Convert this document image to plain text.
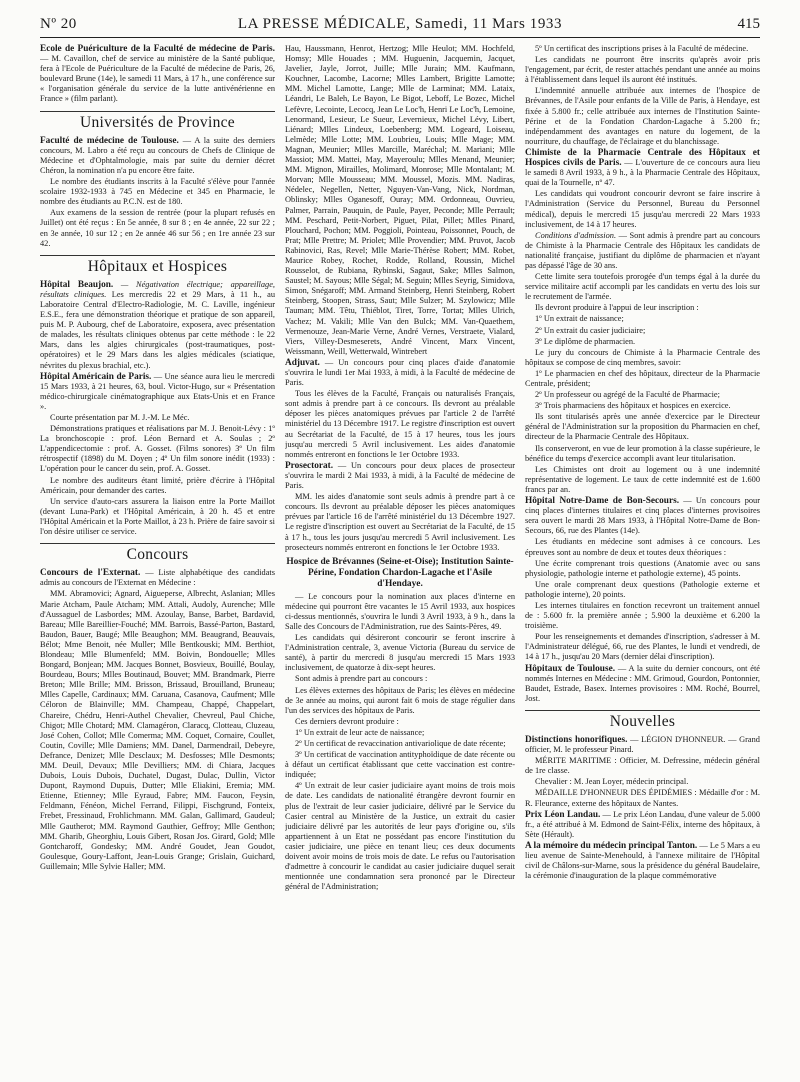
Nº 20	LA PRESSE MÉDICALE, Samedi, 11 Mars 1933	415

Ecole de Puériculture de la Faculté de médecine de Paris. — M. Cavaillon, chef de service au ministère de la Santé publique, fera à l'Ecole de Puériculture de la Faculté de médecine de Paris, 26, boulevard Brune (14e), le samedi 11 Mars, à 17 h., une conférence sur « l'organisation générale du service de la lutte antivénérienne en France » (film parlant).

Universités de Province

Faculté de médecine de Toulouse. — A la suite des derniers concours, M. Labro a été reçu au concours de Chefs de Clinique de Médecine et d'Ophtalmologie, mais par suite du dernier décret Chéron, la nomination n'a pu encore être faite.

Le nombre des étudiants inscrits à la Faculté s'élève pour l'année scolaire 1932-1933 à 745 en Médecine et 345 en Pharmacie, le nombre des étudiants au P.C.N. est de 180.

Aux examens de la session de rentrée (pour la plupart refusés en Juillet) ont été reçus : En 5e année, 8 sur 8 ; en 4e année, 22 sur 22 ; en 3e année, 10 sur 12 ; en 2e année 46 sur 56 ; en 1re année 23 sur 42.

Hôpitaux et Hospices

Hôpital Beaujon. — Négativation électrique; appareillage, résultats cliniques. Les mercredis 22 et 29 Mars, à 11 h., au Laboratoire Central d'Electro-Radiologie, M. C. Laville, ingénieur E.S.E., fera une démonstration théorique et pratique de son appareil, puis M. P. Aubourg, chef de Laboratoire, exposera, avec présentation de malades, les résultats cliniques obtenus par cette méthode : le 22 Mars, dans les algies chirurgicales (post-traumatiques, post-opératoires) et le 29 Mars dans les algies médicales (sciatique, névrites du plexus brachial, etc.).

Hôpital Américain de Paris. — Une séance aura lieu le mercredi 15 Mars 1933, à 21 heures, 63, boul. Victor-Hugo, sur « Présentation médico-chirurgicale cinématographique aux Etats-Unis et en France ».

Courte présentation par M. J.-M. Le Méc.

Démonstrations pratiques et réalisations par M. J. Benoit-Lévy : 1º La bronchoscopie : prof. Léon Bernard et A. Soulas ; 2º L'appendicectomie : prof. A. Gosset. (Films sonores) 3º Un film rétrospectif (1898) du M. Doyen ; 4º Un film sonore inédit (1933) : L'opération pour le cancer du sein, prof. A. Gosset.

Le nombre des auditeurs étant limité, prière d'écrire à l'Hôpital Américain, pour demander des cartes.

Un service d'auto-cars assurera la liaison entre la Porte Maillot (devant Luna-Park) et l'Hôpital Américain, à 20 h. 45 et entre l'Hôpital Américain et la Porte Maillot, à 23 h. Prière de faire savoir si l'on désire utiliser ce service.

Concours

Concours de l'Externat. — Liste alphabétique des candidats admis au concours de l'Externat en Médecine :

MM. Abramovici; Agnard, Aigueperse, Albrecht, Aslanian; Mlles Marie Atcham, Paule Atcham; MM. Attali, Audoly, Aurenche; Mlle d'Aussaguel de Lasbordes; MM. Azoulay, Banse, Barbet, Bardavid, Bareau; Mlle Bareillier-Fouché; MM. Barrois, Bassé-Parton, Bastard, Baudon, Bauer, Baugé; Mlle Beaughon; MM. Beaugrand, Beauvais, Bélot; Mme Benoit, née Muller; Mlle Bentkouski; MM. Berthiot, Blondeau; Mlle Blumenfeld; MM. Boivin, Bondouelle; Mlles Bongard, Bonjean; MM. Jacques Bonnet, Bosvieux, Bouillé, Boulay, Bourdeau, Bours; Mlles Boutinaud, Bouvet; MM. Brandmark, Pierre Breton; Mlle Brille; MM. Brisson, Brissaud, Brouilland, Bruneau; Mlles Capelle, Cardinaux; MM. Caruana, Casanova, Caufment; Mlle Céloron de Blainville; MM. Champeau, Chappé, Chappelart, Chareire, Chédru, Henri-Authel Chevalier, Chevreul, Paul Chiche, Chigot; Mlle Chotard; MM. Clamagéron, Claracq, Clotteau, Cluzeau, José Cohen, Collot; Mlle Comerma; MM. Coquet, Cornaire, Coullet, Coutin, Coville; Mlle Damiens; MM. Danel, Darmendrail, Debeyre, Defrance, Denizet; Mlle Desclaux; M. Desfosses; Mlle Desmonts; MM. Deuil, Devaux; Mlle Devilliers; MM. di Chiara, Jacques Dubois, Louis Dubois, Duchatel, Dugast, Dulac, Dullin, Victor Dupont, Raymond Dupuis, Dutter; Mlle Eliakini, Eremia; MM. Etienne, Etienney; Mlle Eyraud, Fabre; MM. Faucon, Feysin, Feldmann, Fénéon, Michel Ferrand, Filippi, Fischgrund, Fonteix, Frebet, Fressinaud, Frohlichmann. MM. Galan, Gallimard, Gaudeul; Mlle Gautherot; MM. Raymond Gauthier, Geffroy; Mlle Genthon; MM. Gharib, Gheorghiu, Louis Gibert, Rosan Jos. Girard, Gold; Mlle Gontcharoff, Gondesky; MM. André Goudet, Jean Goudot, Goulesque, Goury-Laffont, Jean-Louis Grange; Grislain, Guichard, Guillemain; Mlle Sylvie Haller; MM.

Hau, Haussmann, Henrot, Hertzog; Mlle Heulot; MM. Hochfeld, Homsy; Mlle Houades ; MM. Huguenin, Jacquemin, Jacquet, Javelier, Jayle, Jorrot, Juille; Mlle Jurain; MM. Kaufmann, Kouchner, Lacombe, Lacorne; Mlles Lambert, Brigitte Lamotte; MM. Michel Lamotte, Lange; Mlle de Larminat; MM. Lataix, Léandri, Le Baleh, Le Bayon, Le Bigot, Leboff, Le Bozec, Michel Lefèvre, Lecointe, Lecocq, Jean Le Loc'h, Henri Le Loc'h, Lemoine, Lenormand, Lesieur, Le Sueur, Levernieux, Michel Lévy, Libert, Liénard; Mlles Lindeux, Loebenberg; MM. Logeard, Loiseau, Lelmède; Mlle Lotte; MM. Loubrieu, Louis; Mlle Mage; MM. Magnan, Meunier; Mlles Marcille, Maréchal; M. Mariani; Mlle Massiot; MM. Mattei, May, Mayeroulu; Mlles Menand, Meunier; MM. Mignon, Mirailles, Molimard, Monrose; Mlle Montalant; M. Morvan; Mlle Mousseau; MM. Moussel, Mozis. MM. Nadiras, Nédelec, Negellen, Netter, Nguyen-Van-Vang, Nick, Nordman, Oblinsky; Mlles Oganesoff, Ouray; MM. Ordonneau, Ouvrieu, Palmer, Parrain, Pauquin, de Paule, Payer, Peconde; Mlle Perrault; MM. Peschard, Petit-Norbert, Piguet, Pilat, Pillet; Mlles Pinard, Plouchard, Pochon; MM. Poggioli, Pointeau, Poissonnet, Pouch, de Prat; Mlle Prettre; M. Priolet; Mlle Provendier; MM. Pruvot, Jacob Rabinovici, Ras, Revel; Mlle Marie-Thérèse Robert; MM. Robet, Maurice Robey, Rochet, Rodde, Rolland, Roussin, Michel Rousselot, de Rubiana, Rybinski, Sagaut, Sake; Mlles Salmon, Saustel; M. Sayous; Mlle Ségal; M. Seguin; Mlles Seyrig, Simidova, Simon, Snégaroff; MM. Armand Steinberg, Henri Steinberg, Robert Steinberg, Stoopen, Strass, Saut; Mlle Sulzer; M. Szylowicz; Mlle Tauman; MM. Têtu, Thiéblot, Tiret, Torre, Tortat; Mlles Ulrich, Vachez; M. Vakili; Mlle Van den Bulck; MM. Van-Quaethem, Vermenouze, Jean-Marie Verne, André Vernes, Verstraete, Vialard, Viers, Villey-Desmeserets, André Vincent, Marx Vincent, Weissmann, Weill, Wetterwald, Wintrebert

Adjuvat. — Un concours pour cinq places d'aide d'anatomie s'ouvrira le lundi 1er Mai 1933, à midi, à la Faculté de médecine de Paris.

Tous les élèves de la Faculté, Français ou naturalisés Français, sont admis à prendre part à ce concours. Ils devront au préalable déposer les pièces anatomiques prévues par l'article 2 de l'arrêté ministériel du 13 Décembre 1917. Le registre d'inscription est ouvert au Secrétariat de la Faculté, de 15 à 17 heures, tous les jours jusqu'au mercredi 5 Avril inclusivement. Les aides d'anatomie nommés entreront en fonctions le 1er Octobre 1933.

Prosectorat. — Un concours pour deux places de prosecteur s'ouvrira le mardi 2 Mai 1933, à midi, à la Faculté de médecine de Paris.

MM. les aides d'anatomie sont seuls admis à prendre part à ce concours. Ils devront au préalable déposer les pièces anatomiques prévues par l'article 16 de l'arrêté ministériel du 13 Décembre 1927. Le registre d'inscription est ouvert au Secrétariat de la Faculté, de 15 à 17 h., tous les jours jusqu'au mercredi 5 Avril inclusivement. Les prosecteurs nommés entreront en fonctions le 1er Octobre 1933.

Hospice de Brévannes (Seine-et-Oise); Institution Sainte-Périne, Fondation Chardon-Lagache et l'Asile d'Hendaye.

— Le concours pour la nomination aux places d'interne en médecine qui pourront être vacantes le 15 Avril 1933, aux hospices ci-dessus mentionnés, s'ouvrira le lundi 3 Avril 1933, à 9 h., dans la Salle des Concours de l'Administration, rue des Saints-Pères, 49.

Les candidats qui désireront concourir se feront inscrire à l'Administration centrale, 3, avenue Victoria (Bureau du service de santé), à partir du mercredi 8 jusqu'au mercredi 15 Mars 1933 inclusivement, de quatorze à dix-sept heures.

Sont admis à prendre part au concours :

Les élèves externes des hôpitaux de Paris; les élèves en médecine de 3e année au moins, qui auront fait 6 mois de stage régulier dans l'un des services des hôpitaux de Paris.

Ces derniers devront produire :

1º Un extrait de leur acte de naissance;

2º Un certificat de revaccination antivariolique de date récente;

3º Un certificat de vaccination antityphoïdique de date récente ou à défaut un certificat établissant que cette vaccination est contre-indiquée;

4º Un extrait de leur casier judiciaire ayant moins de trois mois de date. Les candidats de nationalité étrangère devront fournir en plus de l'extrait de leur casier judiciaire, délivré par le Service du Casier central au Ministère de la Justice, un extrait du casier judiciaire délivré par les autorités de leur pays d'origine ou, s'ils appartiennent à un Etat ne possédant pas encore l'institution du casier judiciaire, une pièce en tenant lieu; ces deux documents doivent avoir moins de trois mois de date. Le refus ou l'autorisation d'admettre à concourir le candidat au casier judiciaire duquel serait mentionnée une condamnation sera prononcé par le Directeur général de l'Administration;

5º Un certificat des inscriptions prises à la Faculté de médecine.

Les candidats ne pourront être inscrits qu'après avoir pris l'engagement, par écrit, de rester attachés pendant une année au moins à l'établissement dans lequel ils auront été institués.

L'indemnité annuelle attribuée aux internes de l'hospice de Brévannes, de l'Asile pour enfants de la Ville de Paris, à Hendaye, est fixée à 5.800 fr.; celle attribuée aux internes de l'Institution Sainte-Périne et de la Fondation Chardon-Lagache à 5.200 fr.; indépendamment des avantages en nature du logement, de la nourriture, du chauffage, de l'éclairage et du blanchissage.

Chimiste de la Pharmacie Centrale des Hôpitaux et Hospices civils de Paris. — L'ouverture de ce concours aura lieu le samedi 8 Avril 1933, à 9 h., à la Pharmacie Centrale des Hôpitaux, quai de la Tournelle, nº 47.

Les candidats qui voudront concourir devront se faire inscrire à l'Administration (Service du Personnel, Bureau du Personnel médical), depuis le mercredi 15 jusqu'au mercredi 22 Mars 1933 inclusivement, de 14 à 17 heures.

Conditions d'admission. — Sont admis à prendre part au concours de Chimiste à la Pharmacie Centrale des Hôpitaux les candidats de nationalité française, justifiant du diplôme de pharmacien et n'ayant pas dépassé l'âge de 30 ans.

Cette limite sera toutefois prorogée d'un temps égal à la durée du service militaire actif accompli par les candidats en vertu des lois sur le recrutement de l'armée.

Ils devront produire à l'appui de leur inscription :

1º Un extrait de naissance;

2º Un extrait du casier judiciaire;

3º Le diplôme de pharmacien.

Le jury du concours de Chimiste à la Pharmacie Centrale des hôpitaux se compose de cinq membres, savoir:

1º Le pharmacien en chef des hôpitaux, directeur de la Pharmacie Centrale, président;

2º Un professeur ou agrégé de la Faculté de Pharmacie;

3º Trois pharmaciens des hôpitaux et hospices en exercice.

Ils sont titularisés après une année d'exercice par le Directeur général de l'Administration sur la proposition du Pharmacien en chef, directeur de la Pharmacie Centrale des Hôpitaux.

Ils conserveront, en vue de leur promotion à la classe supérieure, le bénéfice du temps d'exercice accompli avant leur titularisation.

Les Chimistes ont droit au logement ou à une indemnité représentative de logement. Le taux de cette indemnité est de 1.600 francs par an.

Hôpital Notre-Dame de Bon-Secours. — Un concours pour cinq places d'internes titulaires et cinq places d'internes provisoires sera ouvert le mardi 28 Mars 1933, à l'Hôpital Notre-Dame de Bon-Secours, 66, rue des Plantes (14e).

Les étudiants en médecine sont admises à ce concours. Les épreuves sont au nombre de deux et toutes deux théoriques :

Une écrite comprenant trois questions (Anatomie avec ou sans physiologie, pathologie interne et pathologie externe), 45 points.

Une orale comprenant deux questions (Pathologie externe et pathologie interne), 20 points.

Les internes titulaires en fonction recevront un traitement annuel de : 5.600 fr. la première année ; 5.900 la deuxième et 6.200 la troisième.

Pour les renseignements et demandes d'inscription, s'adresser à M. l'Administrateur délégué, 66, rue des Plantes, le lundi et vendredi, de 14 à 17 h., jusqu'au 20 Mars (dernier délai d'inscription).

Hôpitaux de Toulouse. — A la suite du dernier concours, ont été nommés Internes en Médecine : MM. Grimoud, Gourdon, Pontonnier, Baudet, Estrade, Basex. Internes provisoires : MM. Roché, Bourrel, Jost.

Nouvelles

Distinctions honorifiques. — LÉGION D'HONNEUR. — Grand officier, M. le professeur Pinard.

MÉRITE MARITIME : Officier, M. Defressine, médecin général de 1re classe.

Chevalier : M. Jean Loyer, médecin principal.

MÉDAILLE D'HONNEUR DES ÉPIDÉMIES : Médaille d'or : M. R. Fleurance, externe des hôpitaux de Nantes.

Prix Léon Landau. — Le prix Léon Landau, d'une valeur de 5.000 fr., a été attribué à M. Edmond de Saint-Félix, interne des hôpitaux, à Sète (Hérault).

A la mémoire du médecin principal Tanton. — Le 5 Mars a eu lieu avenue de Sainte-Menehould, à l'annexe militaire de l'Hôpital civil de Châlons-sur-Marne, sous la présidence du général Baudelaire, la cérémonie d'inauguration de la plaque commémorative
